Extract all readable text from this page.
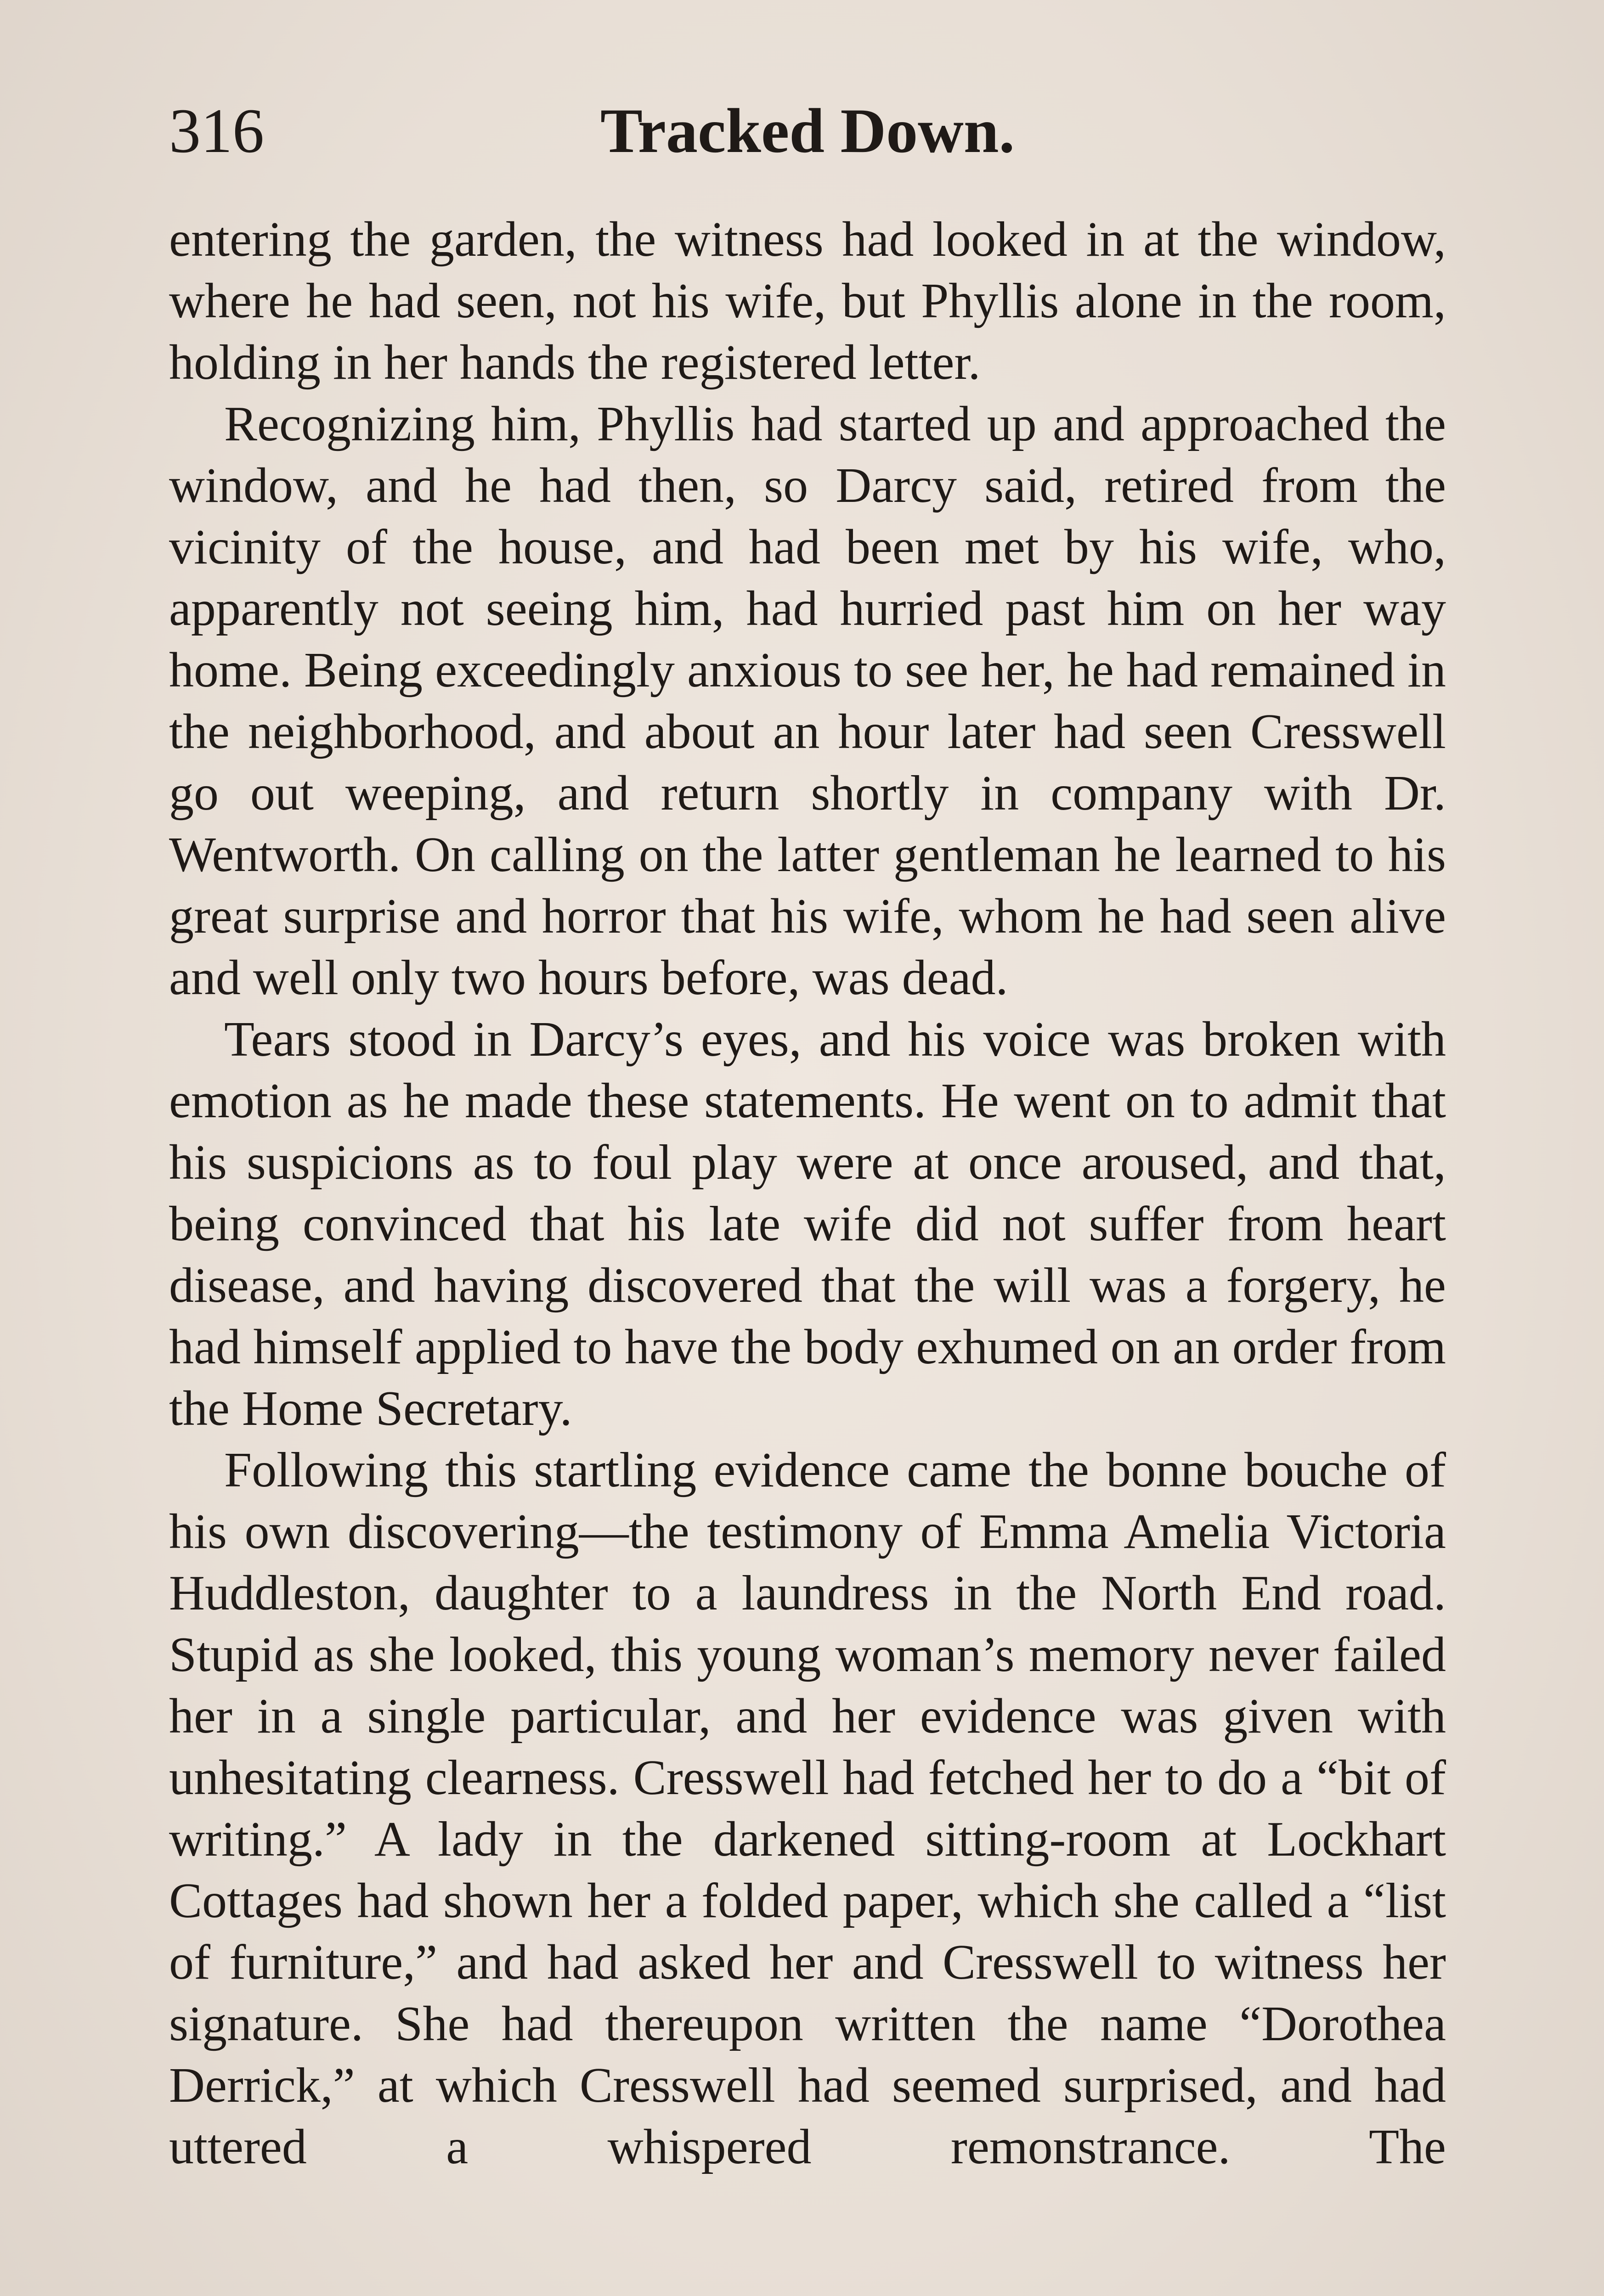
316	Tracked Down.

entering the garden, the witness had looked in at the window, where he had seen, not his wife, but Phyllis alone in the room, holding in her hands the registered letter.

Recognizing him, Phyllis had started up and approached the window, and he had then, so Darcy said, retired from the vicinity of the house, and had been met by his wife, who, apparently not seeing him, had hurried past him on her way home. Being exceedingly anxious to see her, he had remained in the neighborhood, and about an hour later had seen Cresswell go out weeping, and return shortly in company with Dr. Wentworth. On calling on the latter gentleman he learned to his great surprise and horror that his wife, whom he had seen alive and well only two hours before, was dead.

Tears stood in Darcy’s eyes, and his voice was broken with emotion as he made these statements. He went on to admit that his suspicions as to foul play were at once aroused, and that, being convinced that his late wife did not suffer from heart disease, and having discovered that the will was a forgery, he had himself applied to have the body exhumed on an order from the Home Secretary.

Following this startling evidence came the bonne bouche of his own discovering—the testimony of Emma Amelia Victoria Huddleston, daughter to a laundress in the North End road. Stupid as she looked, this young woman’s memory never failed her in a single particular, and her evidence was given with unhesitating clearness. Cresswell had fetched her to do a “bit of writing.” A lady in the darkened sitting-room at Lockhart Cottages had shown her a folded paper, which she called a “list of furniture,” and had asked her and Cresswell to witness her signature. She had thereupon written the name “Dorothea Derrick,” at which Cresswell had seemed surprised, and had uttered a whispered remonstrance. The
